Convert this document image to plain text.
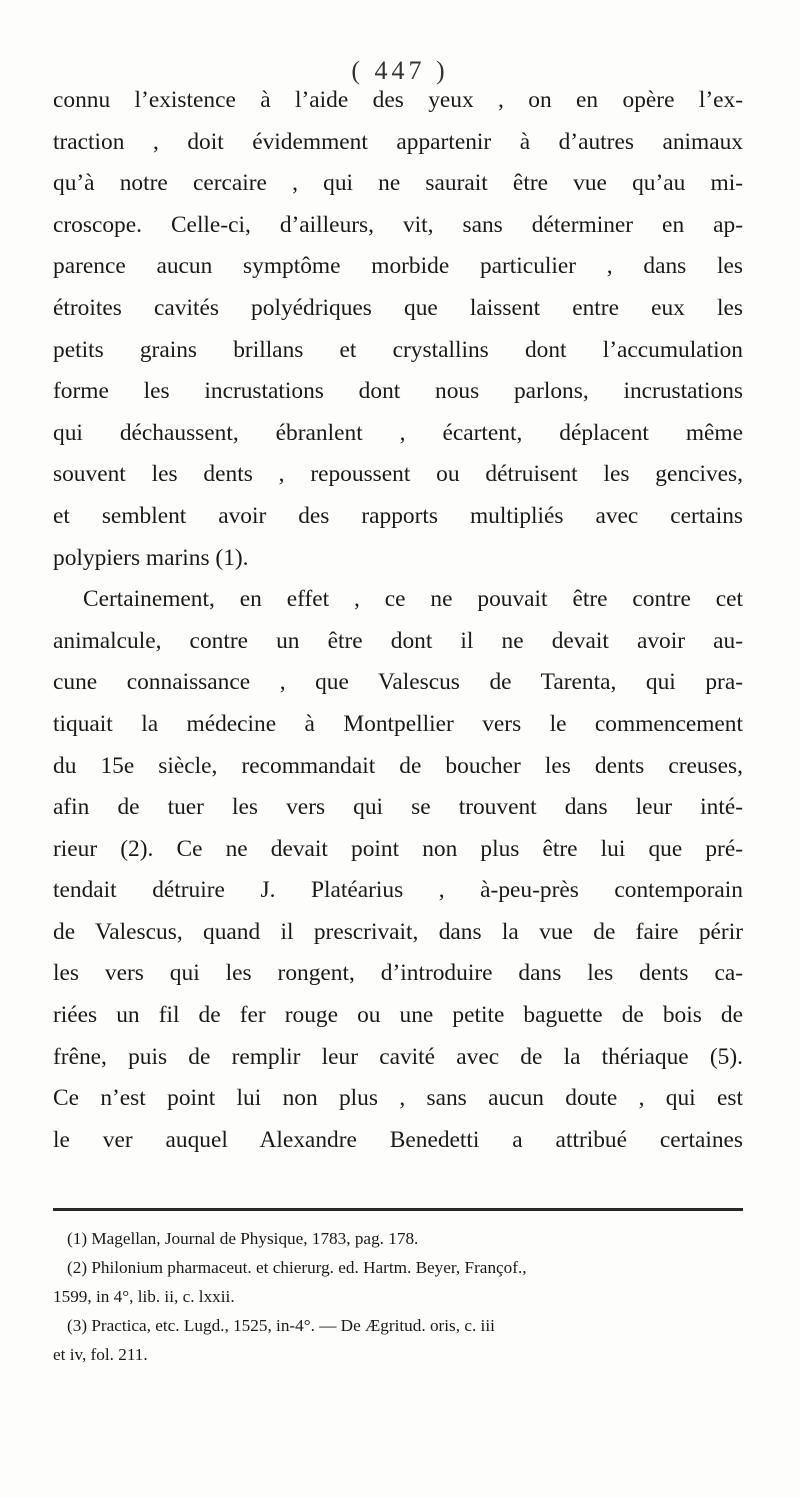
( 447 )
connu l’existence à l’aide des yeux , on en opère l’ex-
traction , doit évidemment appartenir à d’autres animaux
qu’à notre cercaire , qui ne saurait être vue qu’au mi-
croscope. Celle-ci, d’ailleurs, vit, sans déterminer en ap-
parence aucun symptôme morbide particulier , dans les
étroites cavités polyédriques que laissent entre eux les
petits grains brillans et crystallins dont l’accumulation
forme les incrustations dont nous parlons, incrustations
qui déchaussent, ébranlent , écartent, déplacent même
souvent les dents , repoussent ou détruisent les gencives,
et semblent avoir des rapports multipliés avec certains
polypiers marins (1).
Certainement, en effet , ce ne pouvait être contre cet
animalcule, contre un être dont il ne devait avoir au-
cune connaissance , que Valescus de Tarenta, qui pra-
tiquait la médecine à Montpellier vers le commencement
du 15e siècle, recommandait de boucher les dents creuses,
afin de tuer les vers qui se trouvent dans leur inté-
rieur (2). Ce ne devait point non plus être lui que pré-
tendait détruire J. Platéarius , à-peu-près contemporain
de Valescus, quand il prescrivait, dans la vue de faire périr
les vers qui les rongent, d’introduire dans les dents ca-
riées un fil de fer rouge ou une petite baguette de bois de
frêne, puis de remplir leur cavité avec de la thériaque (5).
Ce n’est point lui non plus , sans aucun doute , qui est
le ver auquel Alexandre Benedetti a attribué certaines
(1) Magellan, Journal de Physique, 1783, pag. 178.
(2) Philonium pharmaceut. et chierurg. ed. Hartm. Beyer, Françof.,
1599, in 4°, lib. ii, c. lxxii.
(3) Practica, etc. Lugd., 1525, in-4°. — De Ægritud. oris, c. iii
et iv, fol. 211.
